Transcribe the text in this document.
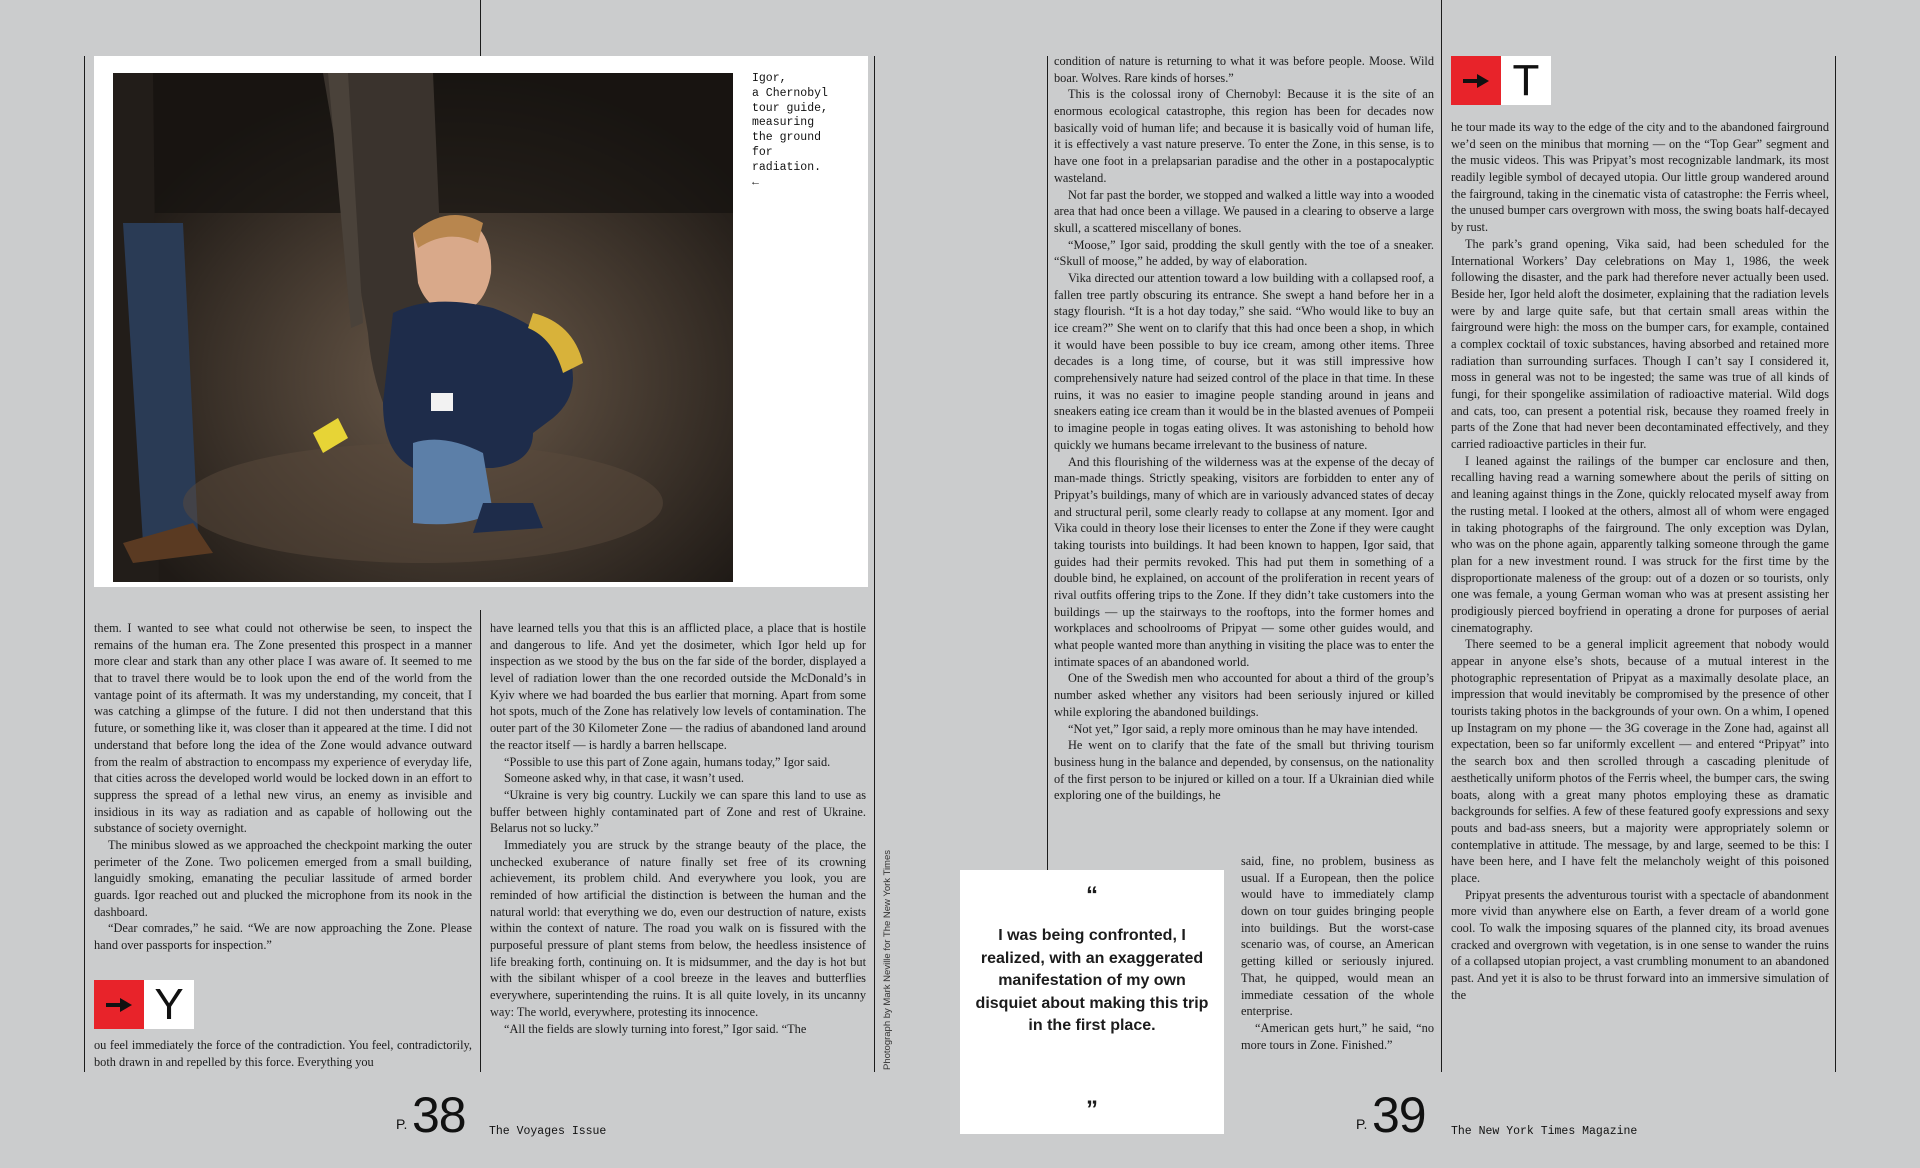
Igor,
a Chernobyl
tour guide,
measuring
the ground
for
radiation.
←

them. I wanted to see what could not otherwise be seen, to inspect the remains of the human era. The Zone presented this prospect in a manner more clear and stark than any other place I was aware of. It seemed to me that to travel there would be to look upon the end of the world from the vantage point of its aftermath. It was my understanding, my conceit, that I was catching a glimpse of the future. I did not then understand that this future, or something like it, was closer than it appeared at the time. I did not understand that before long the idea of the Zone would advance outward from the realm of abstraction to encompass my experience of everyday life, that cities across the developed world would be locked down in an effort to suppress the spread of a lethal new virus, an enemy as invisible and insidious in its way as radiation and as capable of hollowing out the substance of society overnight.

The minibus slowed as we approached the checkpoint marking the outer perimeter of the Zone. Two policemen emerged from a small building, languidly smoking, emanating the peculiar lassitude of armed border guards. Igor reached out and plucked the microphone from its nook in the dashboard.

“Dear comrades,” he said. “We are now approaching the Zone. Please hand over passports for inspection.”

Y

ou feel immediately the force of the contradiction. You feel, contradictorily, both drawn in and repelled by this force. Everything you

have learned tells you that this is an afflicted place, a place that is hostile and dangerous to life. And yet the dosimeter, which Igor held up for inspection as we stood by the bus on the far side of the border, displayed a level of radiation lower than the one recorded outside the McDonald’s in Kyiv where we had boarded the bus earlier that morning. Apart from some hot spots, much of the Zone has relatively low levels of contamination. The outer part of the 30 Kilometer Zone — the radius of abandoned land around the reactor itself — is hardly a barren hellscape.

“Possible to use this part of Zone again, humans today,” Igor said.

Someone asked why, in that case, it wasn’t used.

“Ukraine is very big country. Luckily we can spare this land to use as buffer between highly contaminated part of Zone and rest of Ukraine. Belarus not so lucky.”

Immediately you are struck by the strange beauty of the place, the unchecked exuberance of nature finally set free of its crowning achievement, its problem child. And everywhere you look, you are reminded of how artificial the distinction is between the human and the natural world: that everything we do, even our destruction of nature, exists within the context of nature. The road you walk on is fissured with the purposeful pressure of plant stems from below, the heedless insistence of life breaking forth, continuing on. It is midsummer, and the day is hot but with the sibilant whisper of a cool breeze in the leaves and butterflies everywhere, superintending the ruins. It is all quite lovely, in its uncanny way: The world, everywhere, protesting its innocence.

“All the fields are slowly turning into forest,” Igor said. “The	Photograph by Mark Neville for The New York Times
P. 38 The Voyages Issue

condition of nature is returning to what it was before people. Moose. Wild boar. Wolves. Rare kinds of horses.”

This is the colossal irony of Chernobyl: Because it is the site of an enormous ecological catastrophe, this region has been for decades now basically void of human life; and because it is basically void of human life, it is effectively a vast nature preserve. To enter the Zone, in this sense, is to have one foot in a prelapsarian paradise and the other in a postapocalyptic wasteland.

Not far past the border, we stopped and walked a little way into a wooded area that had once been a village. We paused in a clearing to observe a large skull, a scattered miscellany of bones.

“Moose,” Igor said, prodding the skull gently with the toe of a sneaker. “Skull of moose,” he added, by way of elaboration.

Vika directed our attention toward a low building with a collapsed roof, a fallen tree partly obscuring its entrance. She swept a hand before her in a stagy flourish. “It is a hot day today,” she said. “Who would like to buy an ice cream?” She went on to clarify that this had once been a shop, in which it would have been possible to buy ice cream, among other items. Three decades is a long time, of course, but it was still impressive how comprehensively nature had seized control of the place in that time. In these ruins, it was no easier to imagine people standing around in jeans and sneakers eating ice cream than it would be in the blasted avenues of Pompeii to imagine people in togas eating olives. It was astonishing to behold how quickly we humans became irrelevant to the business of nature.

And this flourishing of the wilderness was at the expense of the decay of man-made things. Strictly speaking, visitors are forbidden to enter any of Pripyat’s buildings, many of which are in variously advanced states of decay and structural peril, some clearly ready to collapse at any moment. Igor and Vika could in theory lose their licenses to enter the Zone if they were caught taking tourists into buildings. It had been known to happen, Igor said, that guides had their permits revoked. This had put them in something of a double bind, he explained, on account of the proliferation in recent years of rival outfits offering trips to the Zone. If they didn’t take customers into the buildings — up the stairways to the rooftops, into the former homes and workplaces and schoolrooms of Pripyat — some other guides would, and what people wanted more than anything in visiting the place was to enter the intimate spaces of an abandoned world.

One of the Swedish men who accounted for about a third of the group’s number asked whether any visitors had been seriously injured or killed while exploring the abandoned buildings.

“Not yet,” Igor said, a reply more ominous than he may have intended.

He went on to clarify that the fate of the small but thriving tourism business hung in the balance and depended, by consensus, on the nationality of the first person to be injured or killed on a tour. If a Ukrainian died while exploring one of the buildings, he

said, fine, no problem, business as usual. If a European, then the police would have to immediately clamp down on tour guides bringing people into buildings. But the worst-case scenario was, of course, an American getting killed or seriously injured. That, he quipped, would mean an immediate cessation of the whole enterprise.

“American gets hurt,” he said, “no more tours in Zone. Finished.”

“
I was being confronted, I realized, with an exaggerated manifestation of my own disquiet about making this trip in the first place.
”
T

he tour made its way to the edge of the city and to the abandoned fairground we’d seen on the minibus that morning — on the “Top Gear” segment and the music videos. This was Pripyat’s most recognizable landmark, its most readily legible symbol of decayed utopia. Our little group wandered around the fairground, taking in the cinematic vista of catastrophe: the Ferris wheel, the unused bumper cars overgrown with moss, the swing boats half-decayed by rust.

The park’s grand opening, Vika said, had been scheduled for the International Workers’ Day celebrations on May 1, 1986, the week following the disaster, and the park had therefore never actually been used. Beside her, Igor held aloft the dosimeter, explaining that the radiation levels were by and large quite safe, but that certain small areas within the fairground were high: the moss on the bumper cars, for example, contained a complex cocktail of toxic substances, having absorbed and retained more radiation than surrounding surfaces. Though I can’t say I considered it, moss in general was not to be ingested; the same was true of all kinds of fungi, for their spongelike assimilation of radioactive material. Wild dogs and cats, too, can present a potential risk, because they roamed freely in parts of the Zone that had never been decontaminated effectively, and they carried radioactive particles in their fur.

I leaned against the railings of the bumper car enclosure and then, recalling having read a warning somewhere about the perils of sitting on and leaning against things in the Zone, quickly relocated myself away from the rusting metal. I looked at the others, almost all of whom were engaged in taking photographs of the fairground. The only exception was Dylan, who was on the phone again, apparently talking someone through the game plan for a new investment round. I was struck for the first time by the disproportionate maleness of the group: out of a dozen or so tourists, only one was female, a young German woman who was at present assisting her prodigiously pierced boyfriend in operating a drone for purposes of aerial cinematography.

There seemed to be a general implicit agreement that nobody would appear in anyone else’s shots, because of a mutual interest in the photographic representation of Pripyat as a maximally desolate place, an impression that would inevitably be compromised by the presence of other tourists taking photos in the backgrounds of your own. On a whim, I opened up Instagram on my phone — the 3G coverage in the Zone had, against all expectation, been so far uniformly excellent — and entered “Pripyat” into the search box and then scrolled through a cascading plenitude of aesthetically uniform photos of the Ferris wheel, the bumper cars, the swing boats, along with a great many photos employing these as dramatic backgrounds for selfies. A few of these featured goofy expressions and sexy pouts and bad-ass sneers, but a majority were appropriately solemn or contemplative in attitude. The message, by and large, seemed to be this: I have been here, and I have felt the melancholy weight of this poisoned place.

Pripyat presents the adventurous tourist with a spectacle of abandonment more vivid than anywhere else on Earth, a fever dream of a world gone cool. To walk the imposing squares of the planned city, its broad avenues cracked and overgrown with vegetation, is in one sense to wander the ruins of a collapsed utopian project, a vast crumbling monument to an abandoned past. And yet it is also to be thrust forward into an immersive simulation of the

P. 39 The New York Times Magazine
